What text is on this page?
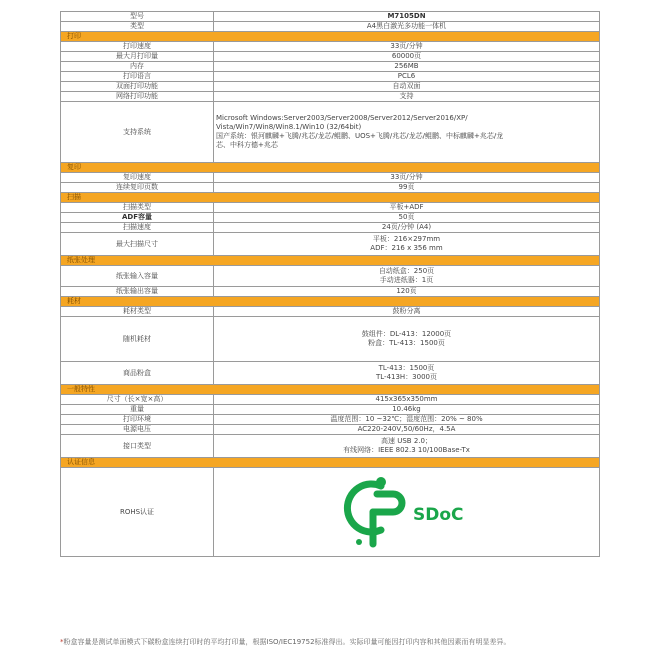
型号	M7105DN
类型	A4黑白激光多功能一体机
打印	
打印速度	33页/分钟
最大月打印量	60000页
内存	256MB
打印语言	PCL6
双面打印功能	自动双面
网络打印功能	支持
支持系统	Microsoft Windows:Server2003/Server2008/Server2012/Server2016/XP/
Vista/Win7/Win8/Win8.1/Win10 (32/64bit)
国产系统：银河麒麟+飞腾/兆芯/龙芯/鲲鹏、UOS+飞腾/兆芯/龙芯/鲲鹏、中标麒麟+兆芯/龙
芯、中科方德+兆芯

复印	
复印速度	33页/分钟
连续复印页数	99页
扫描	
扫描类型	平板+ADF
ADF容量	50页
扫描速度	24页/分钟 (A4)
最大扫描尺寸	平板：216×297mm
ADF：216 x 356 mm

纸张处理	
纸张输入容量	自动纸盒：250页
手动进纸器：1页

纸张输出容量	120页
耗材	
耗材类型	鼓粉分离
随机耗材	鼓组件：DL-413：12000页
粉盒：TL-413：1500页

商品粉盒	TL-413：1500页
TL-413H：3000页

一般特性	
尺寸（长×宽×高）	415x365x350mm
重量	10.46kg
打印环境	温度范围：10 ~32℃；湿度范围：20% ~ 80%
电源电压	AC220-240V,50/60Hz，4.5A
接口类型	高速 USB 2.0；
有线网络：IEEE 802.3 10/100Base-Tx

认证信息	
ROHS认证	SDoC
*粉盒容量是测试单面模式下碳粉盒连续打印时的平均打印量，根据ISO/IEC19752标准得出。实际印量可能因打印内容和其他因素而有明显差异。
